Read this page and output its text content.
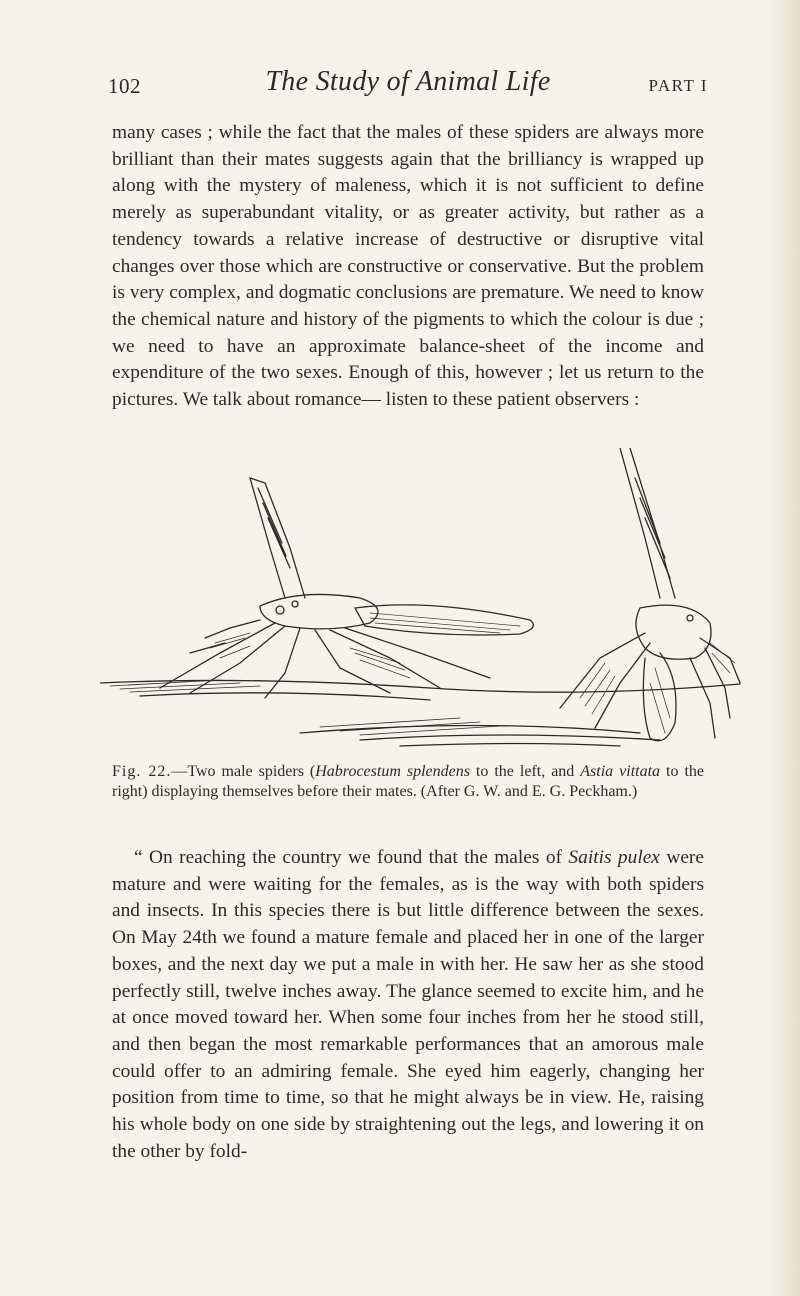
102	The Study of Animal Life	PART I

many cases ; while the fact that the males of these spiders are always more brilliant than their mates suggests again that the brilliancy is wrapped up along with the mystery of maleness, which it is not sufficient to define merely as superabundant vitality, or as greater activity, but rather as a tendency towards a relative increase of destructive or disruptive vital changes over those which are constructive or conservative. But the problem is very complex, and dogmatic conclusions are premature. We need to know the chemical nature and history of the pigments to which the colour is due ; we need to have an approximate balance-sheet of the income and expenditure of the two sexes. Enough of this, however ; let us return to the pictures. We talk about romance— listen to these patient observers :

Fig. 22.—Two male spiders (Habrocestum splendens to the left, and Astia vittata to the right) displaying themselves before their mates. (After G. W. and E. G. Peckham.)

“ On reaching the country we found that the males of Saitis pulex were mature and were waiting for the females, as is the way with both spiders and insects. In this species there is but little difference between the sexes. On May 24th we found a mature female and placed her in one of the larger boxes, and the next day we put a male in with her. He saw her as she stood perfectly still, twelve inches away. The glance seemed to excite him, and he at once moved toward her. When some four inches from her he stood still, and then began the most remarkable performances that an amorous male could offer to an admiring female. She eyed him eagerly, changing her position from time to time, so that he might always be in view. He, raising his whole body on one side by straightening out the legs, and lowering it on the other by fold-
